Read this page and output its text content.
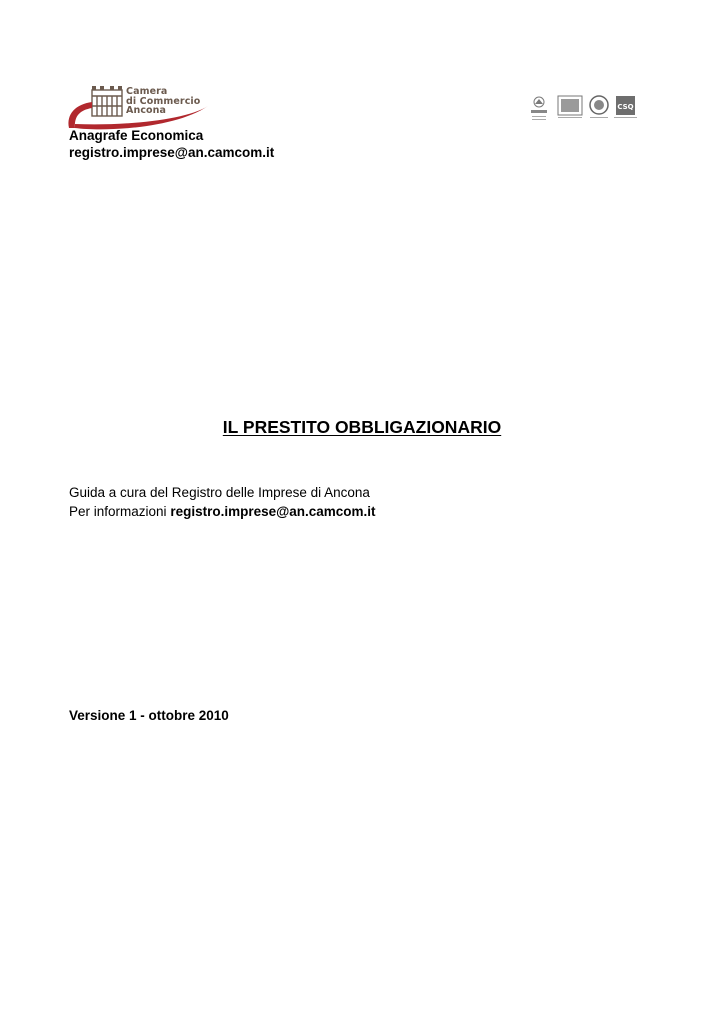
Camera
di Commercio
Ancona	CSQ
Anagrafe Economica
registro.imprese@an.camcom.it
IL PRESTITO OBBLIGAZIONARIO
Guida a cura del Registro delle Imprese di Ancona
Per informazioni registro.imprese@an.camcom.it
Versione 1 - ottobre 2010
